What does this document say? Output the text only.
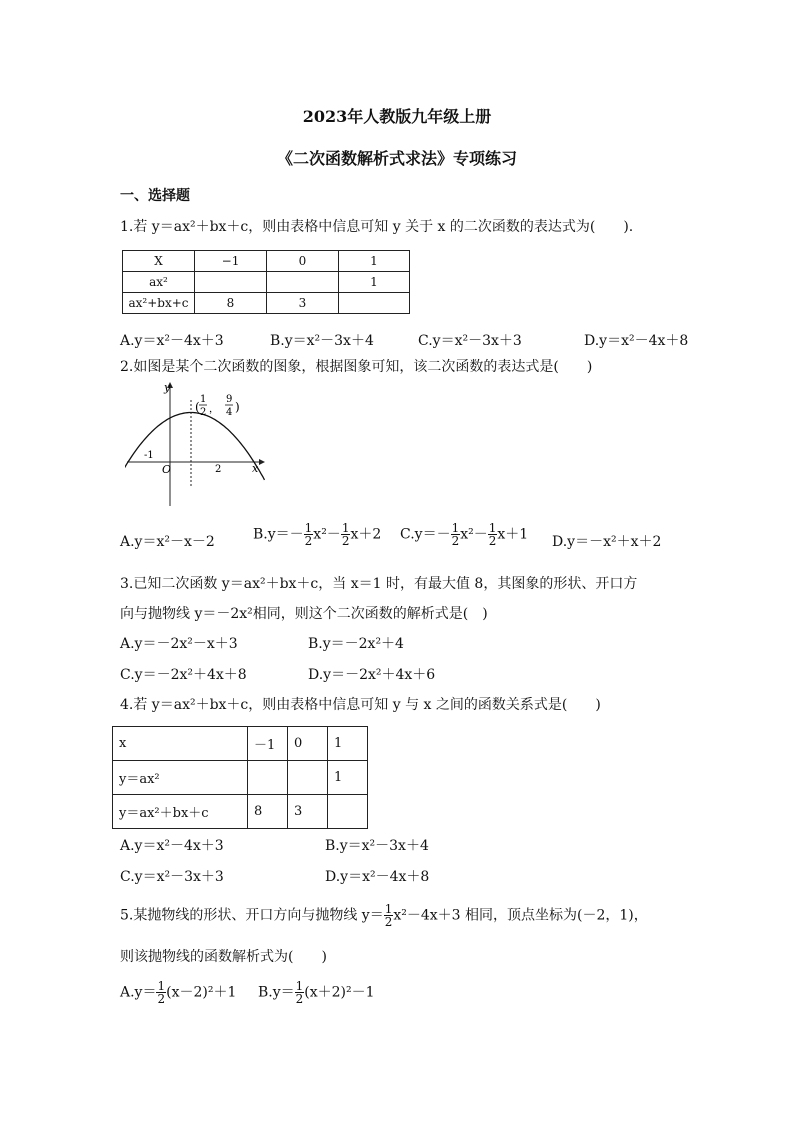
2023年人教版九年级上册
《二次函数解析式求法》专项练习
一、选择题
1.若 y＝ax²＋bx＋c，则由表格中信息可知 y 关于 x 的二次函数的表达式为(　　).
X	−1	0	1
ax²			1
ax²+bx+c	8	3	
A.y＝x²－4x＋3	B.y＝x²－3x＋4	C.y＝x²－3x＋3	D.y＝x²－4x＋8
2.如图是某个二次函数的图象，根据图象可知，该二次函数的表达式是(　　)
y
x
O
-1
2
(
1
2 ，
9
4 )
A.y＝x²－x－2	$B.y=- \frac{1}{2} x^2- \frac{1}{2} x+2$ $C.y=- \frac{1}{2} x^2- \frac{1}{2} x+1$ D.y＝－x²＋x＋2
3.已知二次函数 y＝ax²＋bx＋c，当 x＝1 时，有最大值 8，其图象的形状、开口方
向与抛物线 y＝－2x²相同，则这个二次函数的解析式是(　)
A.y＝－2x²－x＋3	B.y＝－2x²＋4
C.y＝－2x²＋4x＋8	D.y＝－2x²＋4x＋6
4.若 y＝ax²＋bx＋c，则由表格中信息可知 y 与 x 之间的函数关系式是(　　)
x	－1	0	1
y＝ax²			1
y＝ax²＋bx＋c	8	3	
A.y＝x²－4x＋3	B.y＝x²－3x＋4
C.y＝x²－3x＋3	D.y＝x²－4x＋8
5.某抛物线的形状、开口方向与抛物线 $y= \frac{1}{2} x^2-4x+3$ 相同，顶点坐标为(－2，1)，
则该抛物线的函数解析式为(　　)
$A.y= \frac{1}{2} (x-2)^2+1$ $B.y= \frac{1}{2} (x+2)^2-1$
